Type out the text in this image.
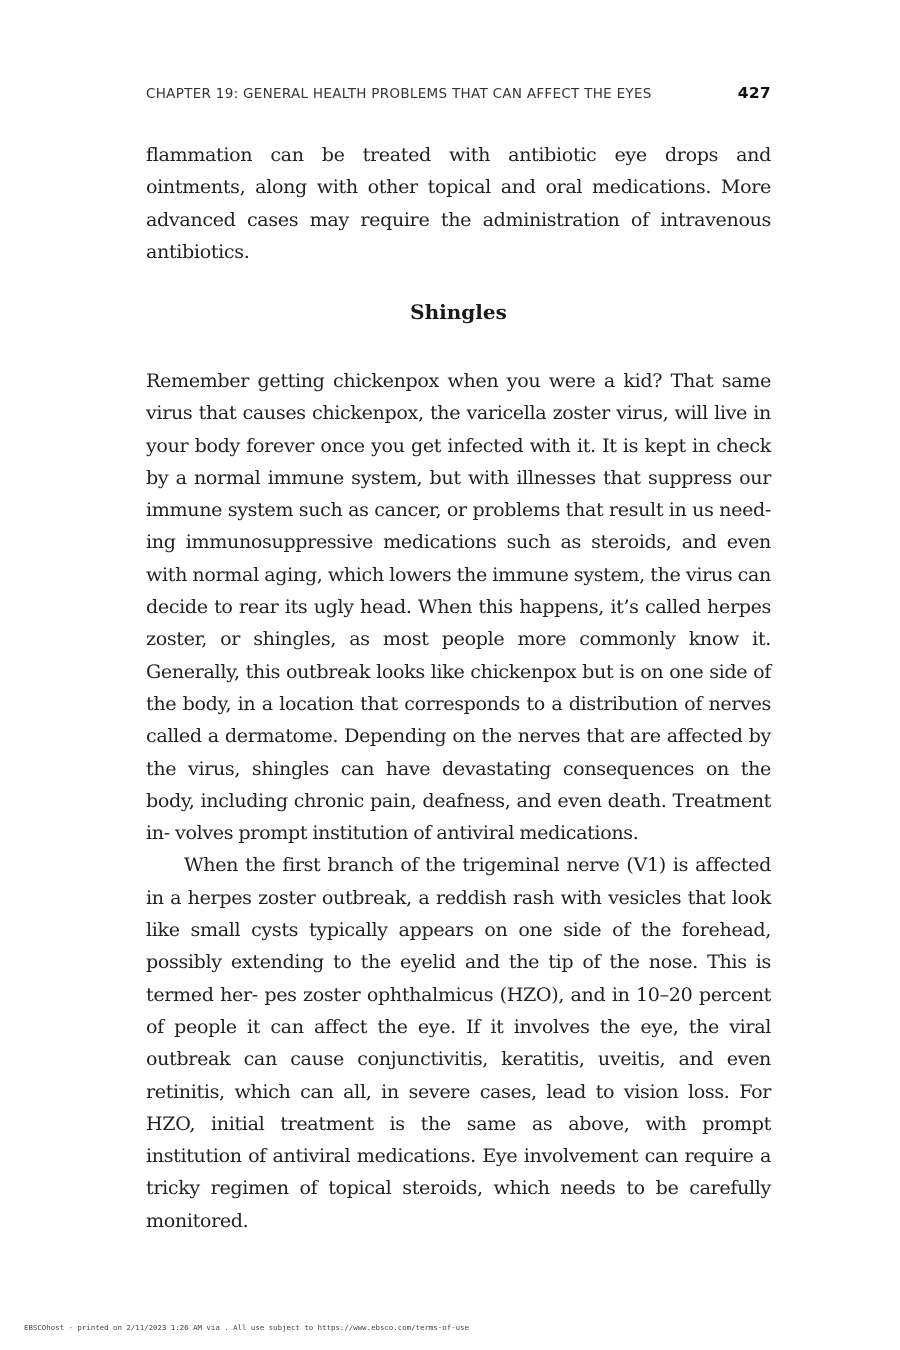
CHAPTER 19: GENERAL HEALTH PROBLEMS THAT CAN AFFECT THE EYES	427

flammation can be treated with antibiotic eye drops and ointments, along with other topical and oral medications. More advanced cases may require the administration of intravenous antibiotics.

Shingles

Remember getting chickenpox when you were a kid? That same virus that causes chickenpox, the varicella zoster virus, will live in your body forever once you get infected with it. It is kept in check by a normal immune system, but with illnesses that suppress our immune system such as cancer, or problems that result in us need- ing immunosuppressive medications such as steroids, and even with normal aging, which lowers the immune system, the virus can decide to rear its ugly head. When this happens, it’s called herpes zoster, or shingles, as most people more commonly know it. Generally, this outbreak looks like chickenpox but is on one side of the body, in a location that corresponds to a distribution of nerves called a dermatome. Depending on the nerves that are affected by the virus, shingles can have devastating consequences on the body, including chronic pain, deafness, and even death. Treatment in- volves prompt institution of antiviral medications.

When the first branch of the trigeminal nerve (V1) is affected in a herpes zoster outbreak, a reddish rash with vesicles that look like small cysts typically appears on one side of the forehead, possibly extending to the eyelid and the tip of the nose. This is termed her- pes zoster ophthalmicus (HZO), and in 10–20 percent of people it can affect the eye. If it involves the eye, the viral outbreak can cause conjunctivitis, keratitis, uveitis, and even retinitis, which can all, in severe cases, lead to vision loss. For HZO, initial treatment is the same as above, with prompt institution of antiviral medications. Eye involvement can require a tricky regimen of topical steroids, which needs to be carefully monitored.

EBSCOhost - printed on 2/11/2023 1:26 AM via . All use subject to https://www.ebsco.com/terms-of-use
